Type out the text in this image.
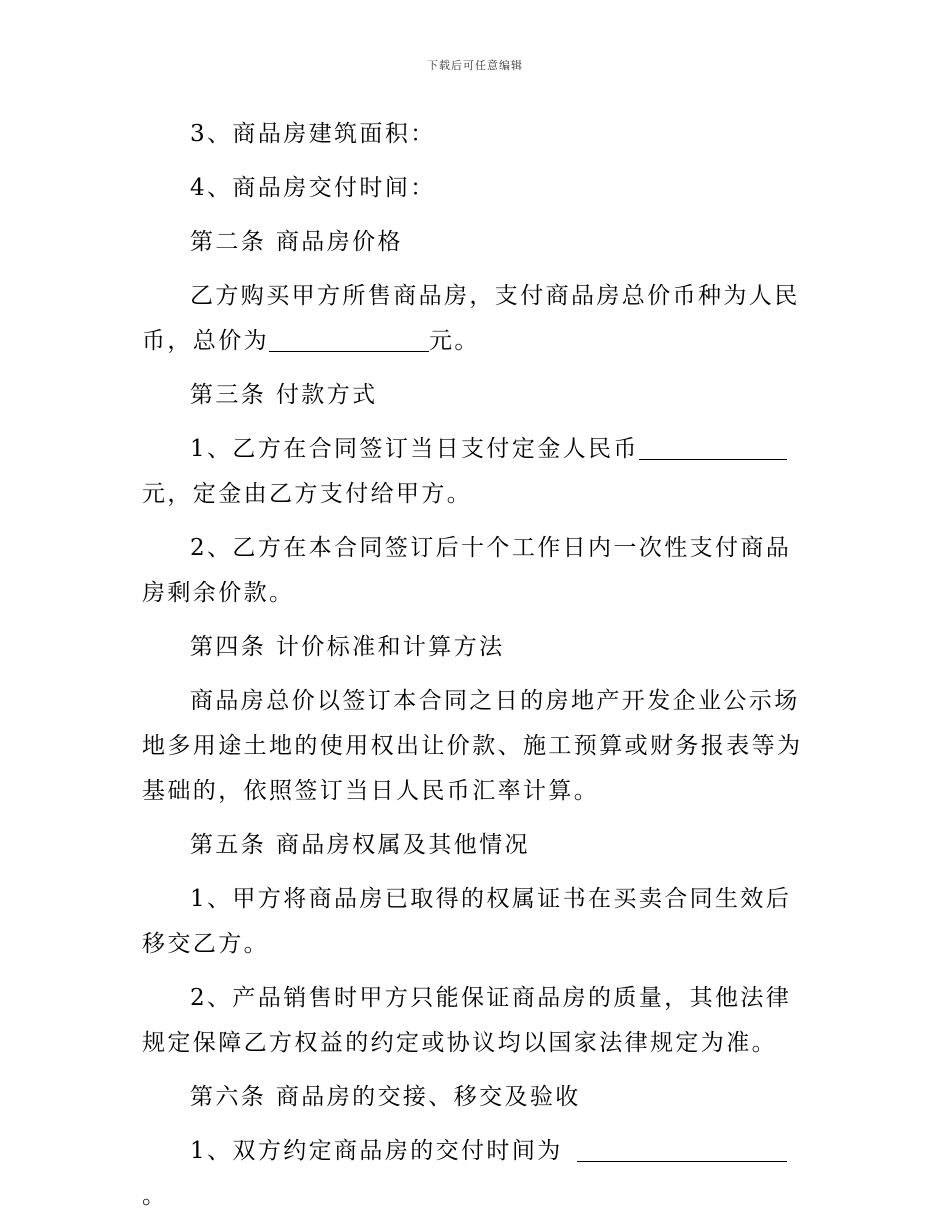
下载后可任意编辑

3、商品房建筑面积：

4、商品房交付时间：

第二条 商品房价格

乙方购买甲方所售商品房，支付商品房总价币种为人民币，总价为	元。

第三条 付款方式

1、乙方在合同签订当日支付定金人民币元，定金由乙方支付给甲方。

2、乙方在本合同签订后十个工作日内一次性支付商品房剩余价款。

第四条 计价标准和计算方法

商品房总价以签订本合同之日的房地产开发企业公示场地多用途土地的使用权出让价款、施工预算或财务报表等为基础的，依照签订当日人民币汇率计算。

第五条 商品房权属及其他情况

1、甲方将商品房已取得的权属证书在买卖合同生效后移交乙方。

2、产品销售时甲方只能保证商品房的质量，其他法律规定保障乙方权益的约定或协议均以国家法律规定为准。

第六条 商品房的交接、移交及验收

1、双方约定商品房的交付时间为。
